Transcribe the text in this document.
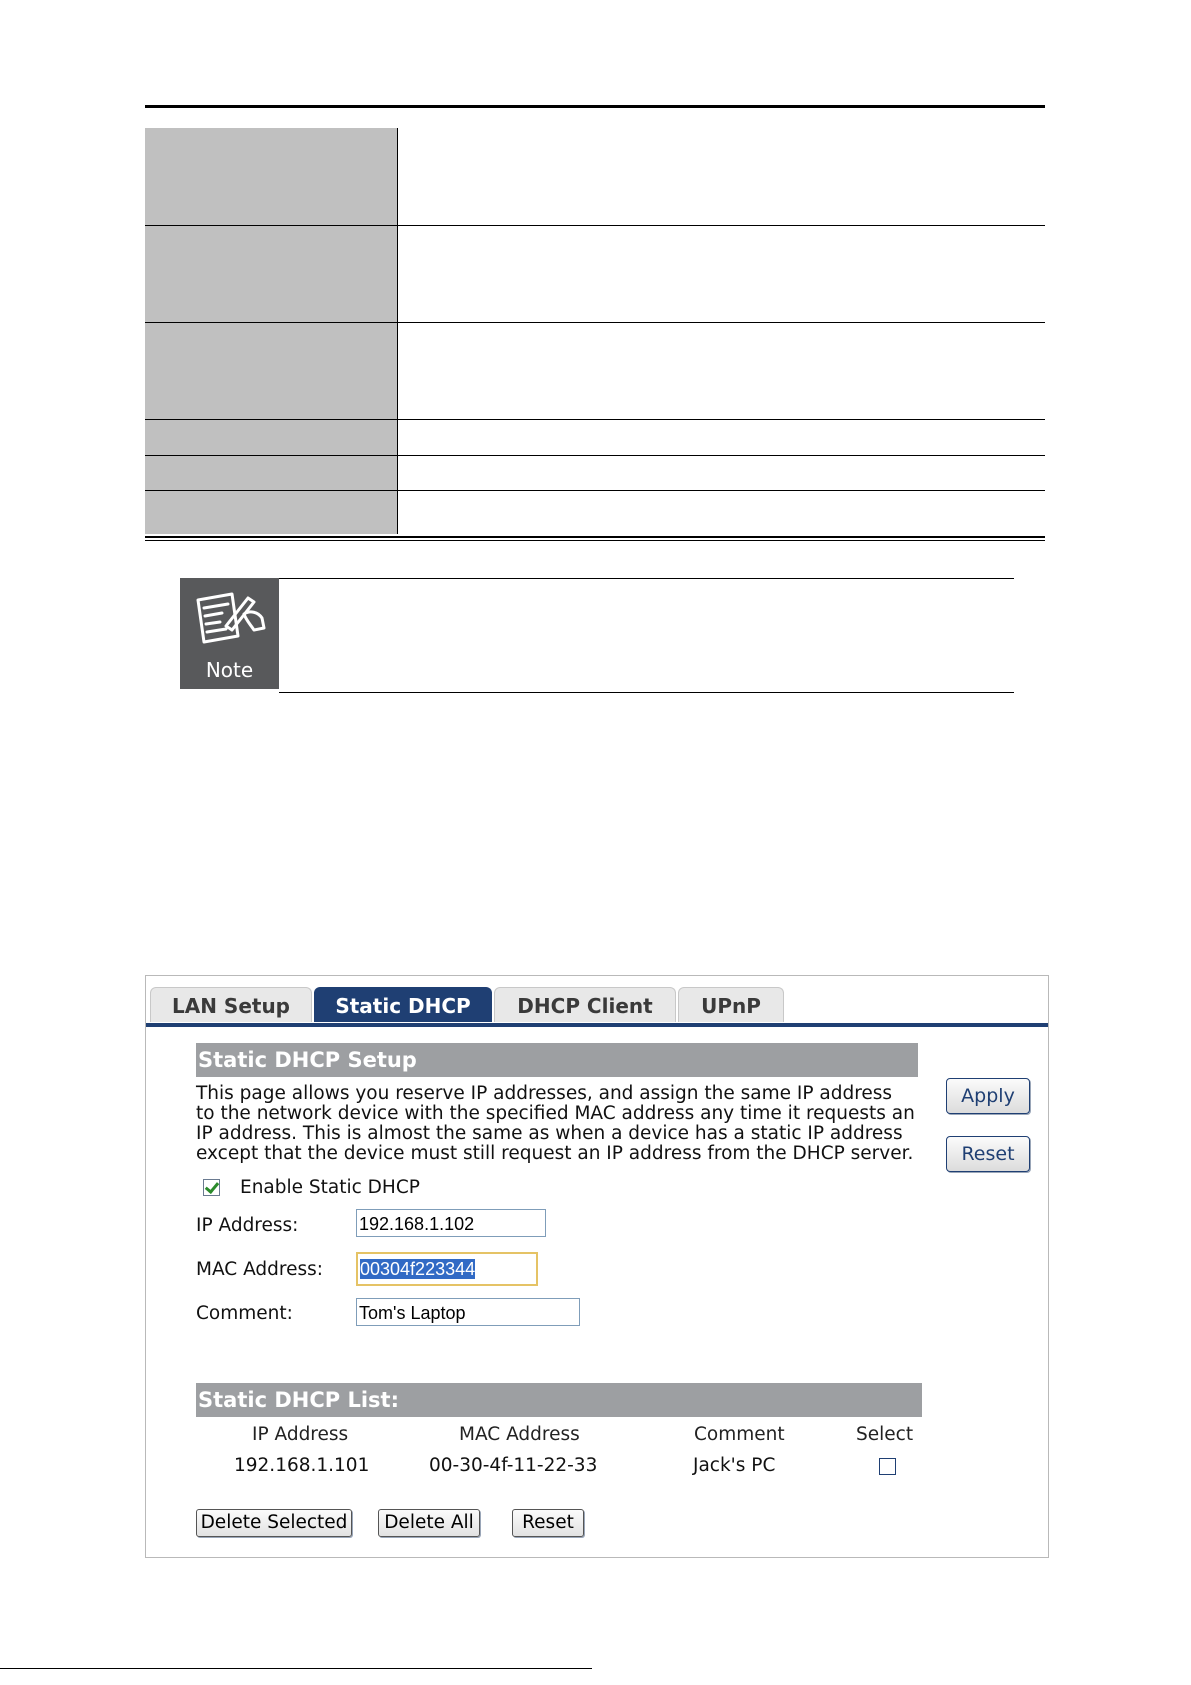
Note
LAN Setup	Static DHCP	DHCP Client	UPnP
Static DHCP Setup
This page allows you reserve IP addresses, and assign the same IP address
to the network device with the specified MAC address any time it requests an
IP address. This is almost the same as when a device has a static IP address
except that the device must still request an IP address from the DHCP server.
Apply
Reset
Enable Static DHCP
IP Address:	192.168.1.102
MAC Address: 00304f223344
Comment:	Tom's Laptop
Static DHCP List:
IP Address	MAC Address	Comment	Select
192.168.1.101	00-30-4f-11-22-33	Jack's PC
Delete Selected	Delete All	Reset
